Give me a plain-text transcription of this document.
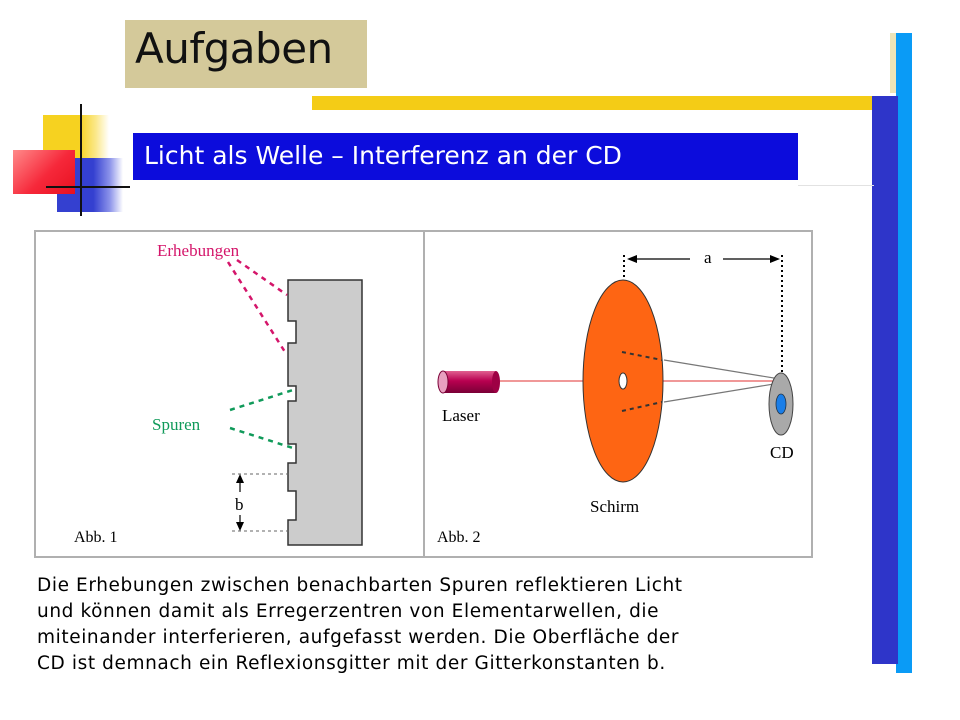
Aufgaben
Licht als Welle – Interferenz an der CD
Erhebungen
Spuren
b
Abb. 1
a
Laser
Schirm
CD
Abb. 2
Die Erhebungen zwischen benachbarten Spuren reflektieren Licht
und können damit als Erregerzentren von Elementarwellen, die
miteinander interferieren, aufgefasst werden. Die Oberfläche der
CD ist demnach ein Reflexionsgitter mit der Gitterkonstanten b.
